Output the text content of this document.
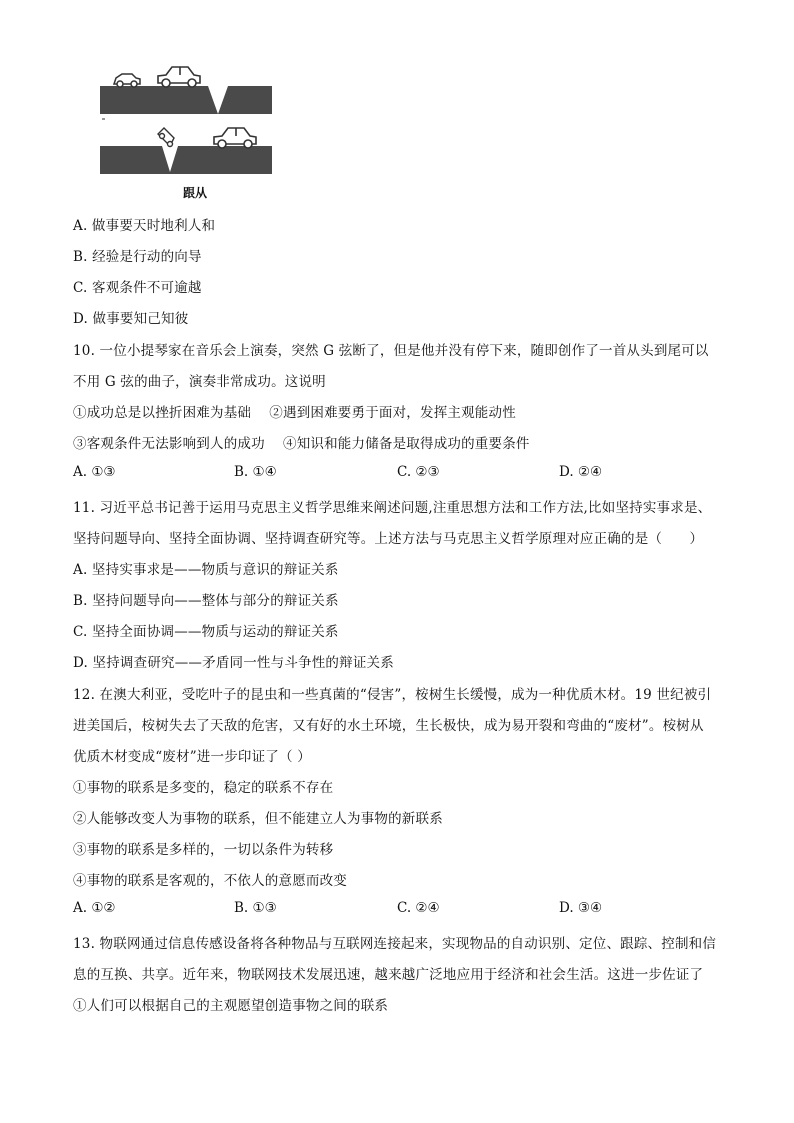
跟从
A. 做事要天时地利人和
B. 经验是行动的向导
C. 客观条件不可逾越
D. 做事要知己知彼
10. 一位小提琴家在音乐会上演奏，突然 G 弦断了，但是他并没有停下来，随即创作了一首从头到尾可以
不用 G 弦的曲子，演奏非常成功。这说明
①成功总是以挫折困难为基础　 ②遇到困难要勇于面对，发挥主观能动性
③客观条件无法影响到人的成功　 ④知识和能力储备是取得成功的重要条件
A. ①③	B. ①④	C. ②③	D. ②④
11. 习近平总书记善于运用马克思主义哲学思维来阐述问题,注重思想方法和工作方法,比如坚持实事求是、
坚持问题导向、坚持全面协调、坚持调查研究等。上述方法与马克思主义哲学原理对应正确的是（　　）
A. 坚持实事求是——物质与意识的辩证关系
B. 坚持问题导向——整体与部分的辩证关系
C. 坚持全面协调——物质与运动的辩证关系
D. 坚持调查研究——矛盾同一性与斗争性的辩证关系
12. 在澳大利亚，受吃叶子的昆虫和一些真菌的“侵害”，桉树生长缓慢，成为一种优质木材。19 世纪被引
进美国后，桉树失去了天敌的危害，又有好的水土环境，生长极快，成为易开裂和弯曲的“废材”。桉树从
优质木材变成“废材”进一步印证了（ ）
①事物的联系是多变的，稳定的联系不存在
②人能够改变人为事物的联系，但不能建立人为事物的新联系
③事物的联系是多样的，一切以条件为转移
④事物的联系是客观的，不依人的意愿而改变
A. ①②	B. ①③	C. ②④	D. ③④
13. 物联网通过信息传感设备将各种物品与互联网连接起来，实现物品的自动识别、定位、跟踪、控制和信
息的互换、共享。近年来，物联网技术发展迅速，越来越广泛地应用于经济和社会生活。这进一步佐证了
①人们可以根据自己的主观愿望创造事物之间的联系
